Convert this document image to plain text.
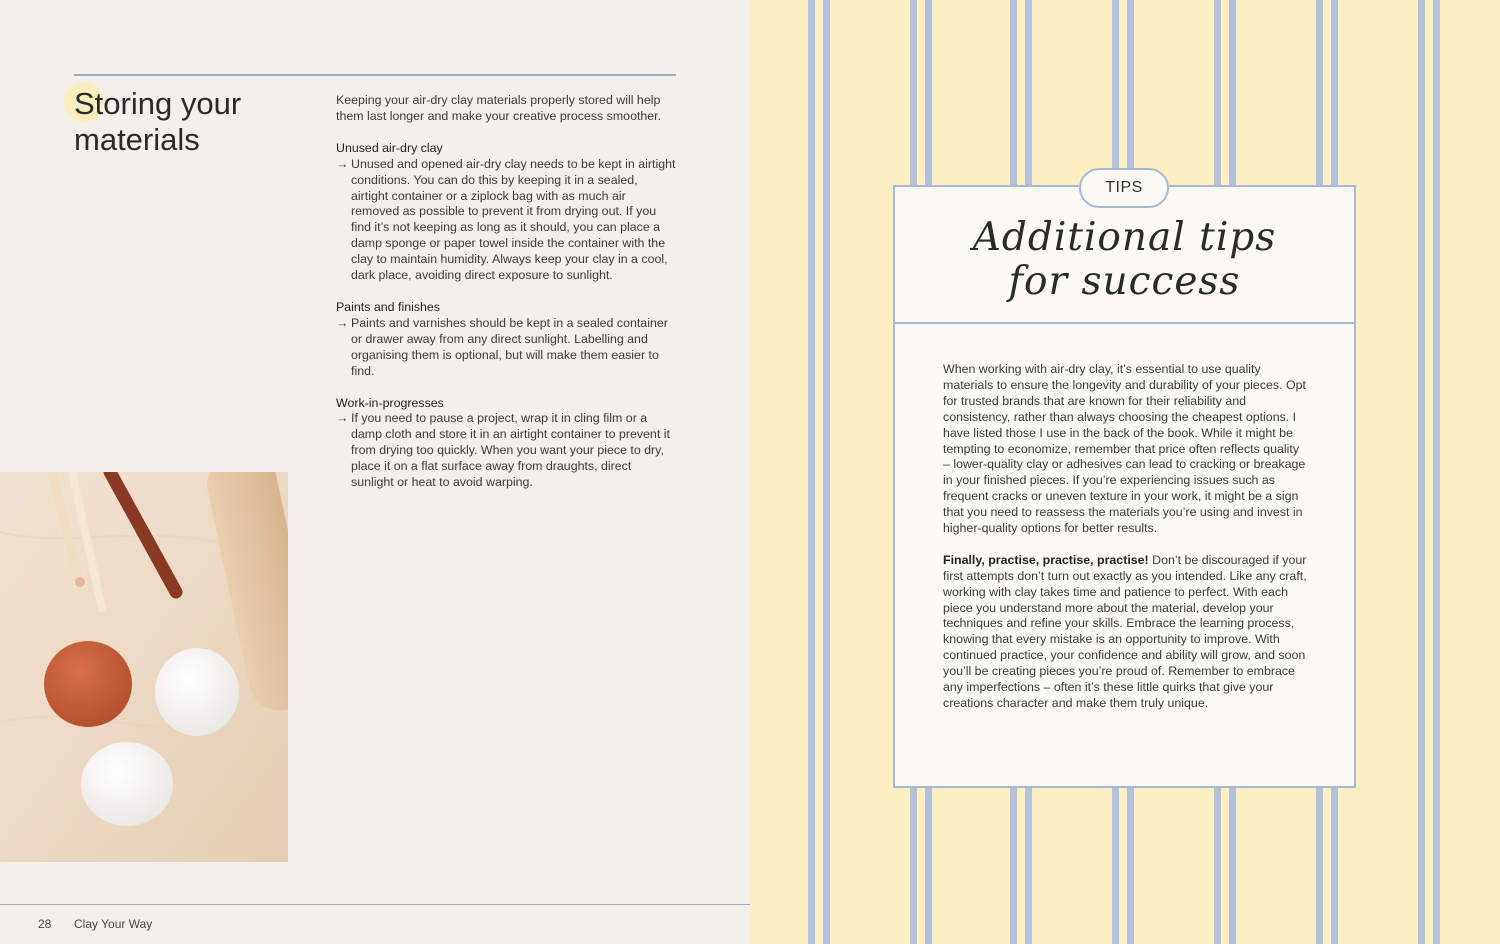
Storing your
materials

Keeping your air-dry clay materials properly stored will help them last longer and make your creative process smoother.

Unused air-dry clay
→ Unused and opened air-dry clay needs to be kept in airtight conditions. You can do this by keeping it in a sealed, airtight container or a ziplock bag with as much air removed as possible to prevent it from drying out. If you find it’s not keeping as long as it should, you can place a damp sponge or paper towel inside the container with the clay to maintain humidity. Always keep your clay in a cool, dark place, avoiding direct exposure to sunlight.
Paints and finishes
→ Paints and varnishes should be kept in a sealed container or drawer away from any direct sunlight. Labelling and organising them is optional, but will make them easier to find.
Work-in-progresses
→ If you need to pause a project, wrap it in cling film or a damp cloth and store it in an airtight container to prevent it from drying too quickly. When you want your piece to dry, place it on a flat surface away from draughts, direct sunlight or heat to avoid warping.
28 Clay Your Way
TIPS
Additional tips
for success

When working with air-dry clay, it’s essential to use quality materials to ensure the longevity and durability of your pieces. Opt for trusted brands that are known for their reliability and consistency, rather than always choosing the cheapest options. I have listed those I use in the back of the book. While it might be tempting to economize, remember that price often reflects quality – lower-quality clay or adhesives can lead to cracking or breakage in your finished pieces. If you’re experiencing issues such as frequent cracks or uneven texture in your work, it might be a sign that you need to reassess the materials you’re using and invest in higher-quality options for better results.

Finally, practise, practise, practise! Don’t be discouraged if your first attempts don’t turn out exactly as you intended. Like any craft, working with clay takes time and patience to perfect. With each piece you understand more about the material, develop your techniques and refine your skills. Embrace the learning process, knowing that every mistake is an opportunity to improve. With continued practice, your confidence and ability will grow, and soon you’ll be creating pieces you’re proud of. Remember to embrace any imperfections – often it’s these little quirks that give your creations character and make them truly unique.
